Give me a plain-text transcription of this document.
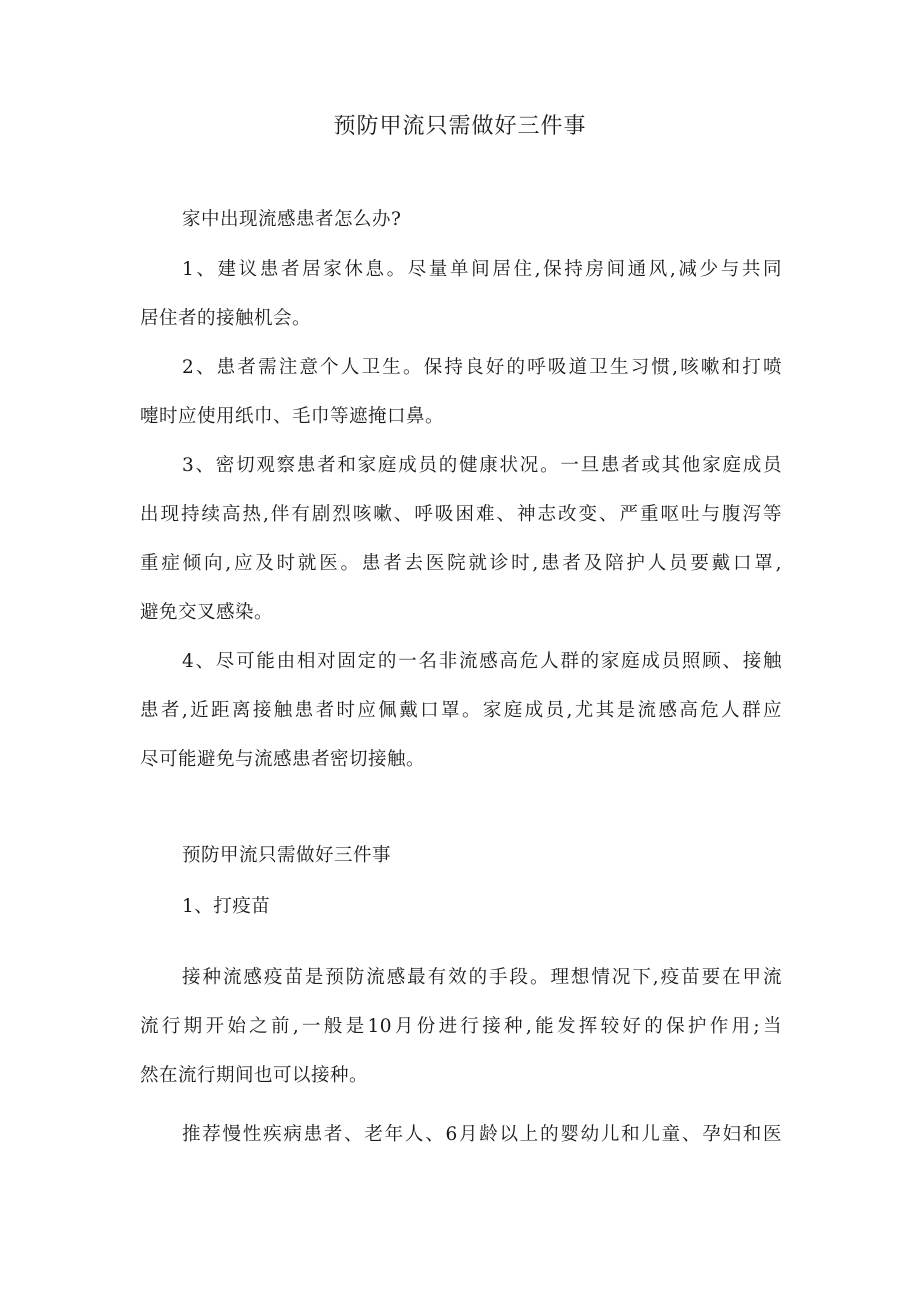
预防甲流只需做好三件事
家中出现流感患者怎么办?
1、建议患者居家休息。尽量单间居住,保持房间通风,减少与共同
居住者的接触机会。
2、患者需注意个人卫生。保持良好的呼吸道卫生习惯,咳嗽和打喷
嚏时应使用纸巾、毛巾等遮掩口鼻。
3、密切观察患者和家庭成员的健康状况。一旦患者或其他家庭成员
出现持续高热,伴有剧烈咳嗽、呼吸困难、神志改变、严重呕吐与腹泻等
重症倾向,应及时就医。患者去医院就诊时,患者及陪护人员要戴口罩,
避免交叉感染。
4、尽可能由相对固定的一名非流感高危人群的家庭成员照顾、接触
患者,近距离接触患者时应佩戴口罩。家庭成员,尤其是流感高危人群应
尽可能避免与流感患者密切接触。
预防甲流只需做好三件事
1、打疫苗
接种流感疫苗是预防流感最有效的手段。理想情况下,疫苗要在甲流
流行期开始之前,一般是10月份进行接种,能发挥较好的保护作用;当
然在流行期间也可以接种。
推荐慢性疾病患者、老年人、6月龄以上的婴幼儿和儿童、孕妇和医
